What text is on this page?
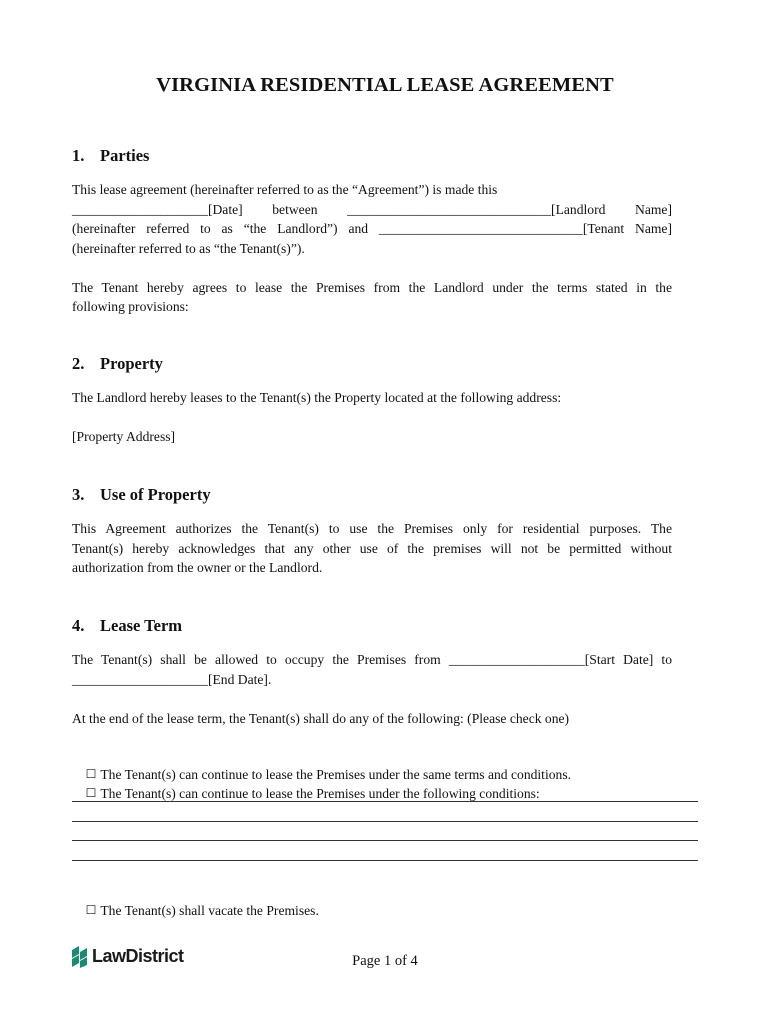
VIRGINIA RESIDENTIAL LEASE AGREEMENT
1. Parties
This lease agreement (hereinafter referred to as the “Agreement”) is made this
____________________[Date] between ______________________________[Landlord Name]
(hereinafter referred to as “the Landlord”) and ______________________________[Tenant Name]
(hereinafter referred to as “the Tenant(s)”).
The Tenant hereby agrees to lease the Premises from the Landlord under the terms stated in the
following provisions:
2. Property
The Landlord hereby leases to the Tenant(s) the Property located at the following address:
[Property Address]
3. Use of Property
This Agreement authorizes the Tenant(s) to use the Premises only for residential purposes. The
Tenant(s) hereby acknowledges that any other use of the premises will not be permitted without
authorization from the owner or the Landlord.
4. Lease Term
The Tenant(s) shall be allowed to occupy the Premises from ____________________[Start Date] to
____________________[End Date].
At the end of the lease term, the Tenant(s) shall do any of the following: (Please check one)

☐ The Tenant(s) can continue to lease the Premises under the same terms and conditions.

☐ The Tenant(s) can continue to lease the Premises under the following conditions:

☐ The Tenant(s) shall vacate the Premises.

LawDistrict	Page 1 of 4
